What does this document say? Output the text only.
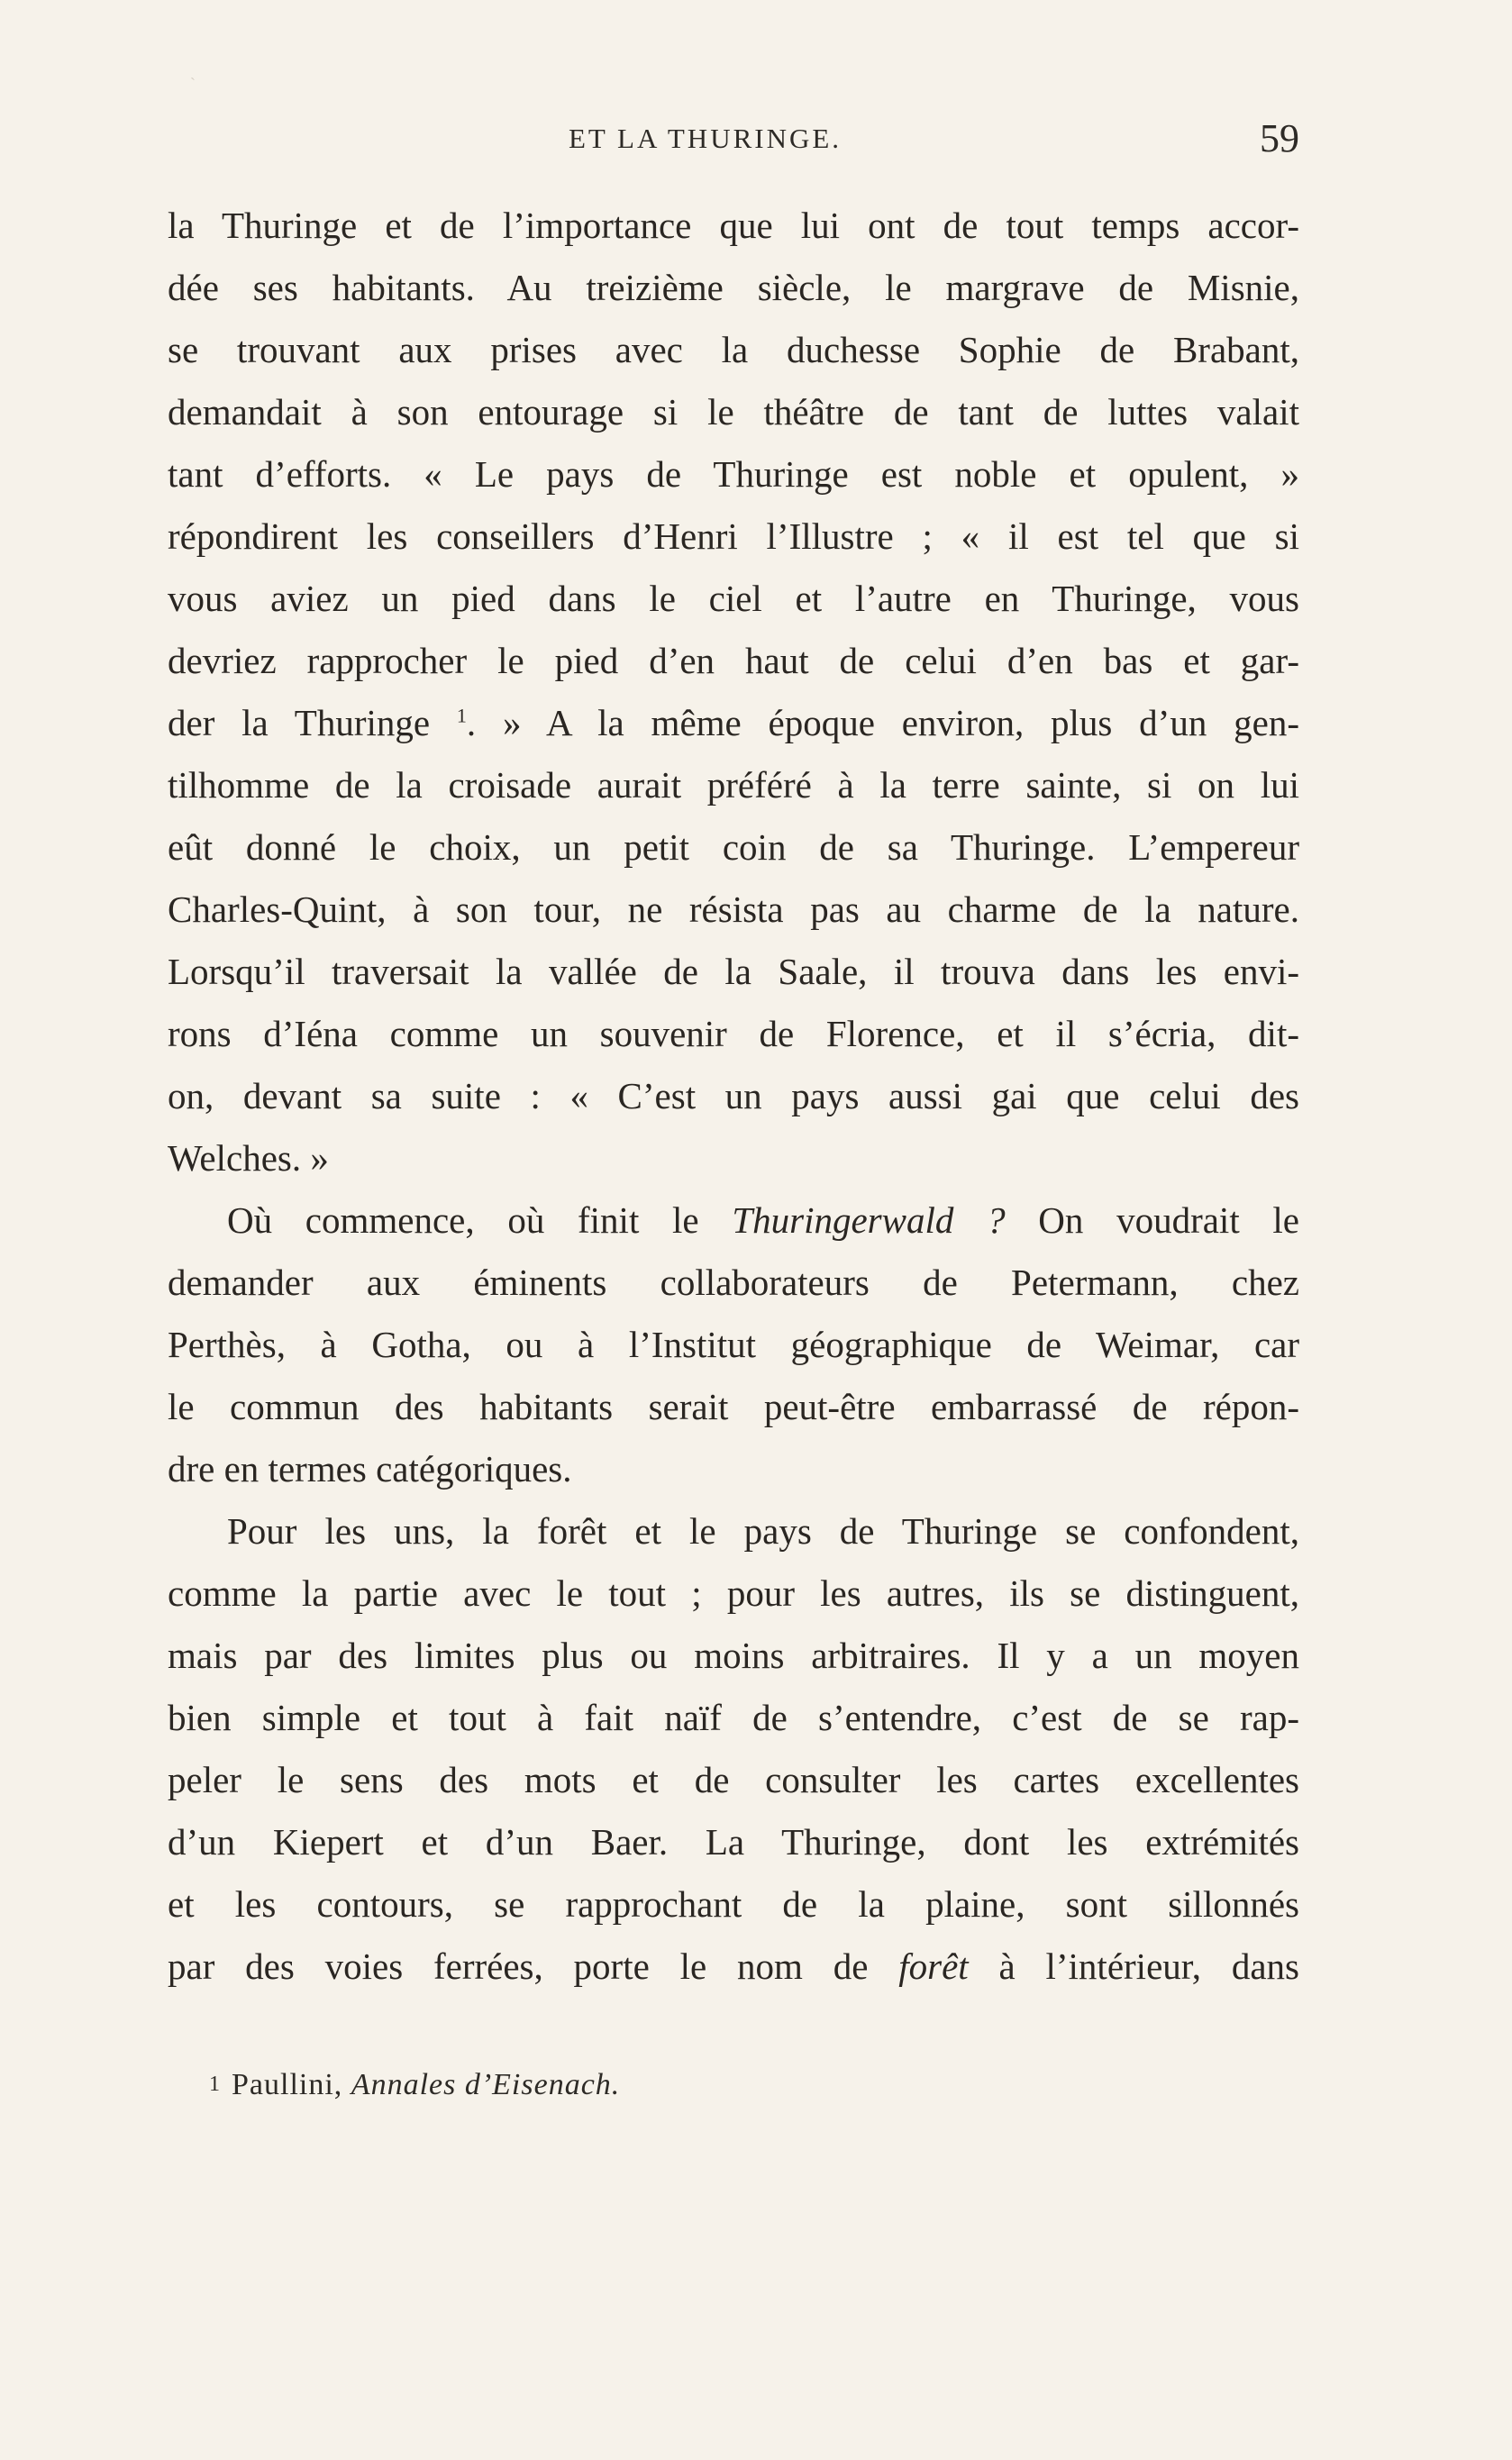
ˎ
ET LA THURINGE.	59
la Thuringe et de l’importance que lui ont de tout temps accor-
dée ses habitants. Au treizième siècle, le margrave de Misnie,
se trouvant aux prises avec la duchesse Sophie de Brabant,
demandait à son entourage si le théâtre de tant de luttes valait
tant d’efforts. « Le pays de Thuringe est noble et opulent, »
répondirent les conseillers d’Henri l’Illustre ; « il est tel que si
vous aviez un pied dans le ciel et l’autre en Thuringe, vous
devriez rapprocher le pied d’en haut de celui d’en bas et gar-
der la Thuringe $^1$. » A la même époque environ, plus d’un gen-
tilhomme de la croisade aurait préféré à la terre sainte, si on lui
eût donné le choix, un petit coin de sa Thuringe. L’empereur
Charles-Quint, à son tour, ne résista pas au charme de la nature.
Lorsqu’il traversait la vallée de la Saale, il trouva dans les envi-
rons d’Iéna comme un souvenir de Florence, et il s’écria, dit-
on, devant sa suite : « C’est un pays aussi gai que celui des
Welches. »
Où commence, où finit le Thuringerwald ? On voudrait le
demander aux éminents collaborateurs de Petermann, chez
Perthès, à Gotha, ou à l’Institut géographique de Weimar, car
le commun des habitants serait peut-être embarrassé de répon-
dre en termes catégoriques.
Pour les uns, la forêt et le pays de Thuringe se confondent,
comme la partie avec le tout ; pour les autres, ils se distinguent,
mais par des limites plus ou moins arbitraires. Il y a un moyen
bien simple et tout à fait naïf de s’entendre, c’est de se rap-
peler le sens des mots et de consulter les cartes excellentes
d’un Kiepert et d’un Baer. La Thuringe, dont les extrémités
et les contours, se rapprochant de la plaine, sont sillonnés
par des voies ferrées, porte le nom de forêt à l’intérieur, dans
$^1$ Paullini, Annales d’Eisenach.
